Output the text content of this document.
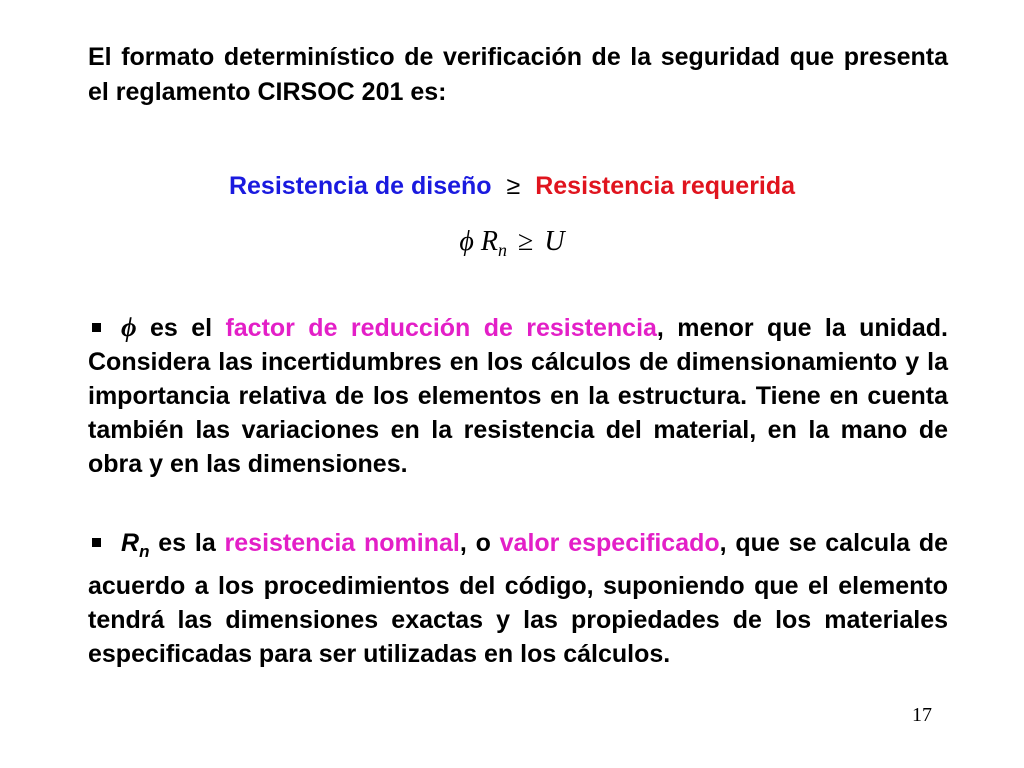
El formato determinístico de verificación de la seguridad que presenta el reglamento CIRSOC 201 es:

Resistencia de diseño ≥ Resistencia requerida
ϕ $R_n \ge U$

ϕ es el factor de reducción de resistencia, menor que la unidad. Considera las incertidumbres en los cálculos de dimensionamiento y la importancia relativa de los elementos en la estructura. Tiene en cuenta también las variaciones en la resistencia del material, en la mano de obra y en las dimensiones.

$R_n$ es la resistencia nominal, o valor especificado, que se calcula de acuerdo a los procedimientos del código, suponiendo que el elemento tendrá las dimensiones exactas y las propiedades de los materiales especificadas para ser utilizadas en los cálculos.

17
